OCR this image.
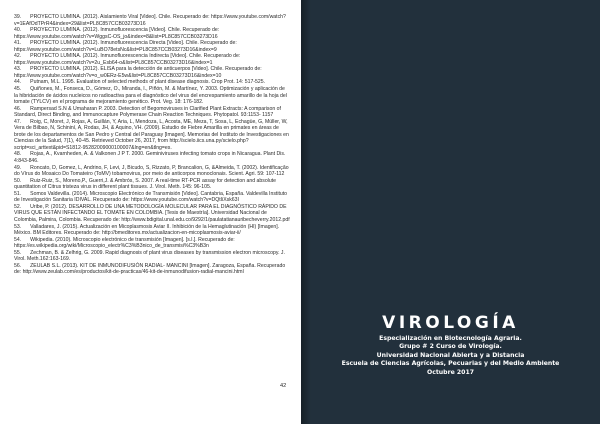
39. PROYECTO LUMINA. (2012). Aislamiento Viral [Video]. Chile. Recuperado de: https://www.youtube.com/watch?v=1EAfOdTPrR4&index=29&list=PL8C857CCB03273D16
40. PROYECTO LUMINA. (2012). Inmunofluorescencia [Video]. Chile. Recuperado de: https://www.youtube.com/watch?v=WggsC-OS_jo&index=8&list=PL8C857CCB03273D16
41. PROYECTO LUMINA. (2012). Inmunofluorescencia Directa [Video]. Chile. Recuperado de: https://www.youtube.com/watch?v=LuBO78etsNc&list=PL8C857CCB03273D16&index=9
42. PROYECTO LUMINA. (2012). Inmunofluorescencia Indirecta [Video]. Chile. Recuperado de: https://www.youtube.com/watch?v=2u_Esb64-o&list=PL8C857CCB03273D16&index=1
43. PROYECTO LUMINA. (2012). ELISA para la detección de anticuerpos [Video]. Chile. Recuperado de: https://www.youtube.com/watch?v=o_w0ERz-E5w&list=PL8C857CCB03273D16&index=10
44. Putnam, M.L. 1995. Evaluation of selected methods of plant disease diagnosis. Crop Prot. 14: 517-525.
45. Quiñones, M., Fonseca, D., Gómez, O., Miranda, I., Piñón, M. & Martínez, Y. 2003. Optimización y aplicación de la hibridación de ácidos nucleicos no radioactiva para el diagnóstico del virus del encrespamiento amarillo de la hoja del tomate (TYLCV) en el programa de mejoramiento genético. Prot. Veg. 18: 176-182.
46. Rampersad S.N & Umaharan P. 2003. Detection of Begomoviruses in Clarified Plant Extracts: A comparison of Standard, Direct Binding, and Immunocapture Polymerase Chain Reaction Techniques. Phytopatol. 93:1153- 1157
47. Roig, C, Moret, J, Rojas, A, Guillán, Y, Aria, L, Mendoza, L, Acosta, ME, Meza, T, Sosa, L, Echagüe, G, Müller, W, Vera de Bilbao, N, Schininí, A, Rodas, JH, & Aquino, VH. (2009). Estudio de Fiebre Amarilla en primates en áreas de brote de los departamentos de San Pedro y Central del Paraguay [Imagen]. Memorias del Instituto de Investigaciones en Ciencias de la Salud, 7(1), 40-45. Retrieved October 26, 2017, from http://scielo.iics.una.py/scielo.php?script=sci_arttext&pid=S1812-95282009000100007&lng=en&tlng=es.
48. Rojas, A., Kvarnheden, A. & Valkonen J P T. 2000. Geminiviruses infecting tomato crops in Nicaragua. Plant Dis. 4:843-846.
49. Roncato, D, Gomez, L, Andrino, F, Levi, J, Bicudo, S, Rizzato, P, Brancalion, G, &Almeida, T. (2002). Identificação do Vírus do Mosaico Do Tomateiro (ToMV) tobamovirus, por meio de anticorpos monoclonais. Scient. Agri. 59: 107-112
50. Ruiz-Ruiz, S., Moreno,P., Guerri,J. & Ambrós, S. 2007. A real-time RT-PCR assay for detection and absolute quantitation of Citrus tristeza virus in different plant tissues. J. Virol. Meth. 145: 96-105.
51. Somos Valdevilla. (2014). Microscopio Electrónico de Transmisión [Video]. Cantabria, España. Valdevilla Instituto de Investigación Sanitaria IDIVAL. Recuperado de: https://www.youtube.com/watch?v=DQtIiXsk63I
52. Uribe, P. (2012). DESARROLLO DE UNA METODOLOGÍA MOLECULAR PARA EL DIAGNÓSTICO RÁPIDO DE VIRUS QUE ESTÁN INFECTANDO EL TOMATE EN COLOMBIA. [Tesis de Maestría]. Universidad Nacional de Colombia, Palmira, Colombia. Recuperado de: http://www.bdigital.unal.edu.co/9292/1/paulatatianauribecheverry.2012.pdf
53. Valladares, J. (2015). Actualización en Micoplasmosis Aviar II. Inhibición de la Hemaglutinación (HI) [Imagen]. México. BM Editores. Recuperado de: http://bmeditores.mx/actualizacion-en-micoplasmosis-aviar-ii/
54. Wikipedia. (2010). Microscopio electrónico de transmisión [Imagen]. [s.l.]. Recuperado de: https://es.wikipedia.org/wiki/Microscopio_electr%C3%B3nico_de_transmisi%C3%B3n
55. Zechman, B. & Zelhrig, G. 2009. Rapid diagnosis of plant virus diseases by transmission electron microscopy. J. Virol. Meth.162:163-169.
56. ZEULAB S.L. (2013). KIT DE INMUNODIFUSIÓN RADIAL- MANCINI [Imagen]. Zaragoza, España. Recuperado de: http://www.zeulab.com/es/productos/kit-de-practicas/46-kit-de-inmunodifusion-radial-mancini.html
42
VIROLOGÍA
Especialización en Biotecnología Agraria.
Grupo # 2 Curso de Virología.
Universidad Nacional Abierta y a Distancia
Escuela de Ciencias Agrícolas, Pecuarias y del Medio Ambiente
Octubre 2017
